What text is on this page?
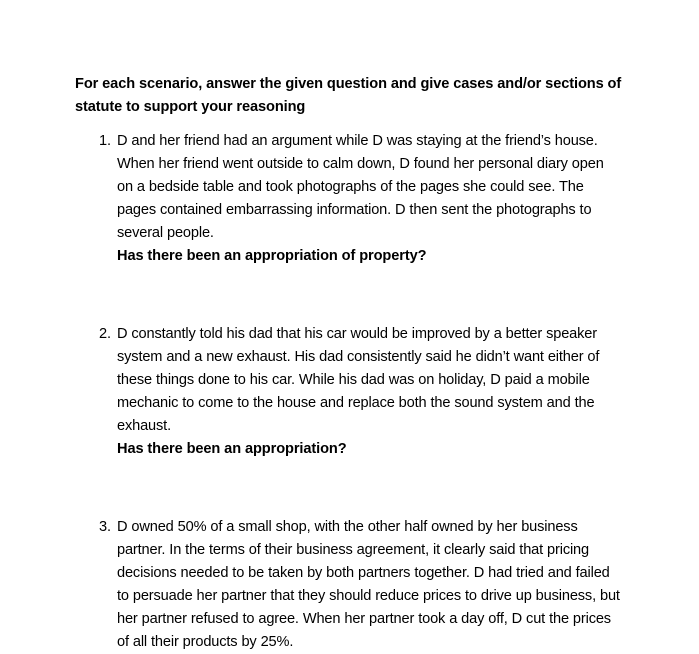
For each scenario, answer the given question and give cases and/or sections of statute to support your reasoning
1. D and her friend had an argument while D was staying at the friend’s house. When her friend went outside to calm down, D found her personal diary open on a bedside table and took photographs of the pages she could see. The pages contained embarrassing information. D then sent the photographs to several people.
Has there been an appropriation of property?
2. D constantly told his dad that his car would be improved by a better speaker system and a new exhaust. His dad consistently said he didn’t want either of these things done to his car. While his dad was on holiday, D paid a mobile mechanic to come to the house and replace both the sound system and the exhaust.
Has there been an appropriation?
3. D owned 50% of a small shop, with the other half owned by her business partner. In the terms of their business agreement, it clearly said that pricing decisions needed to be taken by both partners together. D had tried and failed to persuade her partner that they should reduce prices to drive up business, but her partner refused to agree. When her partner took a day off, D cut the prices of all their products by 25%.
